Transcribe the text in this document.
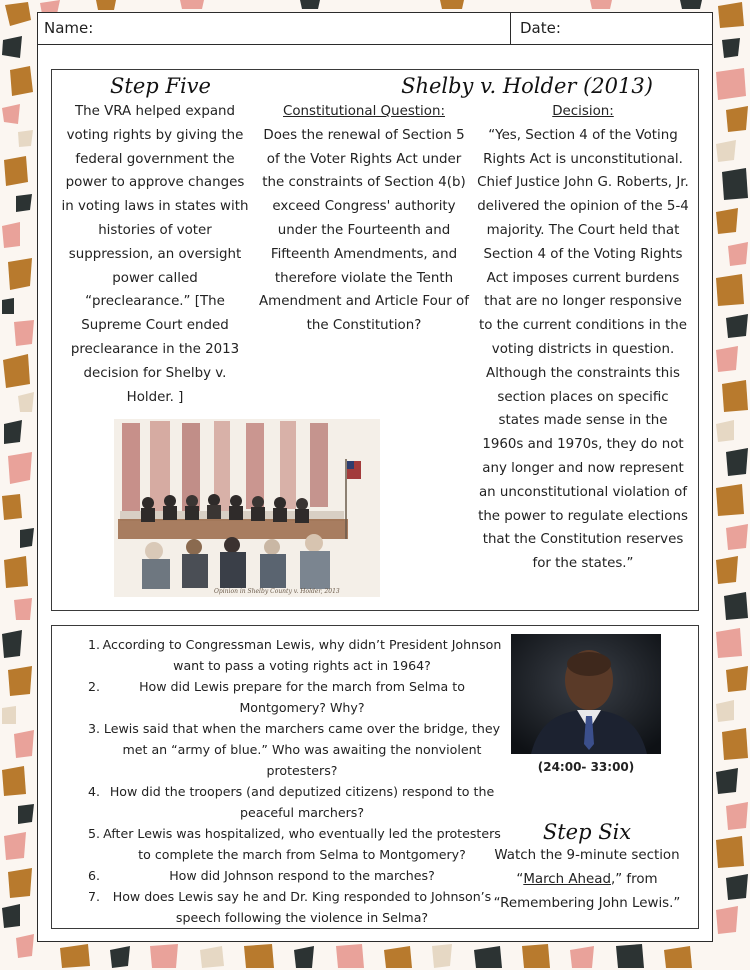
Name:	Date:
Step Five	Shelby v. Holder (2013)
The VRA helped expand voting rights by giving the federal government the power to approve changes in voting laws in states with histories of voter suppression, an oversight power called “preclearance.” [The Supreme Court ended preclearance in the 2013 decision for Shelby v. Holder. ]
Constitutional Question:
Does the renewal of Section 5 of the Voter Rights Act under the constraints of Section 4(b) exceed Congress' authority under the Fourteenth and Fifteenth Amendments, and therefore violate the Tenth Amendment and Article Four of the Constitution?
Decision:
“Yes, Section 4 of the Voting Rights Act is unconstitutional. Chief Justice John G. Roberts, Jr. delivered the opinion of the 5-4 majority. The Court held that Section 4 of the Voting Rights Act imposes current burdens that are no longer responsive to the current conditions in the voting districts in question. Although the constraints this section places on specific states made sense in the 1960s and 1970s, they do not any longer and now represent an unconstitutional violation of the power to regulate elections that the Constitution reserves for the states.”
Opinion in Shelby County v. Holder, 2013
1. According to Congressman Lewis, why didn’t President Johnson want to pass a voting rights act in 1964?
2.	How did Lewis prepare for the march from Selma to Montgomery? Why?
3. Lewis said that when the marchers came over the bridge, they met an “army of blue.” Who was awaiting the nonviolent protesters?
4. How did the troopers (and deputized citizens) respond to the peaceful marchers?
5. After Lewis was hospitalized, who eventually led the protesters to complete the march from Selma to Montgomery?
6.	How did Johnson respond to the marches?
7.	How does Lewis say he and Dr. King responded to Johnson’s speech following the violence in Selma?
(24:00- 33:00)
Step Six
Watch the 9-minute section
“March Ahead,” from
“Remembering John Lewis.”
